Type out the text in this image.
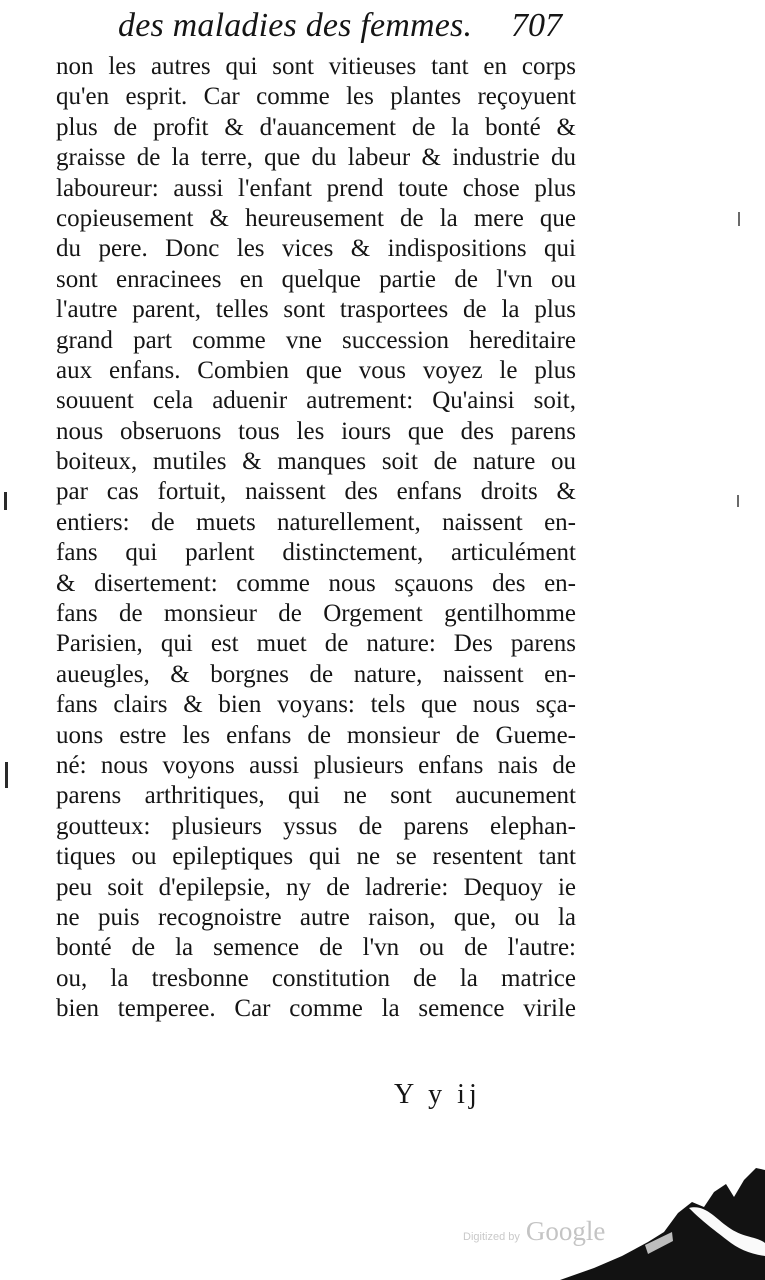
des maladies des femmes. 707
non les autres qui sont vitieuses tant en corps
qu'en esprit. Car comme les plantes reçoyuent
plus de profit & d'auancement de la bonté &
graisse de la terre, que du labeur & industrie du
laboureur: aussi l'enfant prend toute chose plus
copieusement & heureusement de la mere que
du pere. Donc les vices & indispositions qui
sont enracinees en quelque partie de l'vn ou
l'autre parent, telles sont trasportees de la plus
grand part comme vne succession hereditaire
aux enfans. Combien que vous voyez le plus
souuent cela aduenir autrement: Qu'ainsi soit,
nous obseruons tous les iours que des parens
boiteux, mutiles & manques soit de nature ou
par cas fortuit, naissent des enfans droits &
entiers: de muets naturellement, naissent en-
fans qui parlent distinctement, articulément
& disertement: comme nous sçauons des en-
fans de monsieur de Orgement gentilhomme
Parisien, qui est muet de nature: Des parens
aueugles, & borgnes de nature, naissent en-
fans clairs & bien voyans: tels que nous sça-
uons estre les enfans de monsieur de Gueme-
né: nous voyons aussi plusieurs enfans nais de
parens arthritiques, qui ne sont aucunement
goutteux: plusieurs yssus de parens elephan-
tiques ou epileptiques qui ne se resentent tant
peu soit d'epilepsie, ny de ladrerie: Dequoy ie
ne puis recognoistre autre raison, que, ou la
bonté de la semence de l'vn ou de l'autre:
ou, la tresbonne constitution de la matrice
bien temperee. Car comme la semence virile
Y y ij
Digitized by Google
